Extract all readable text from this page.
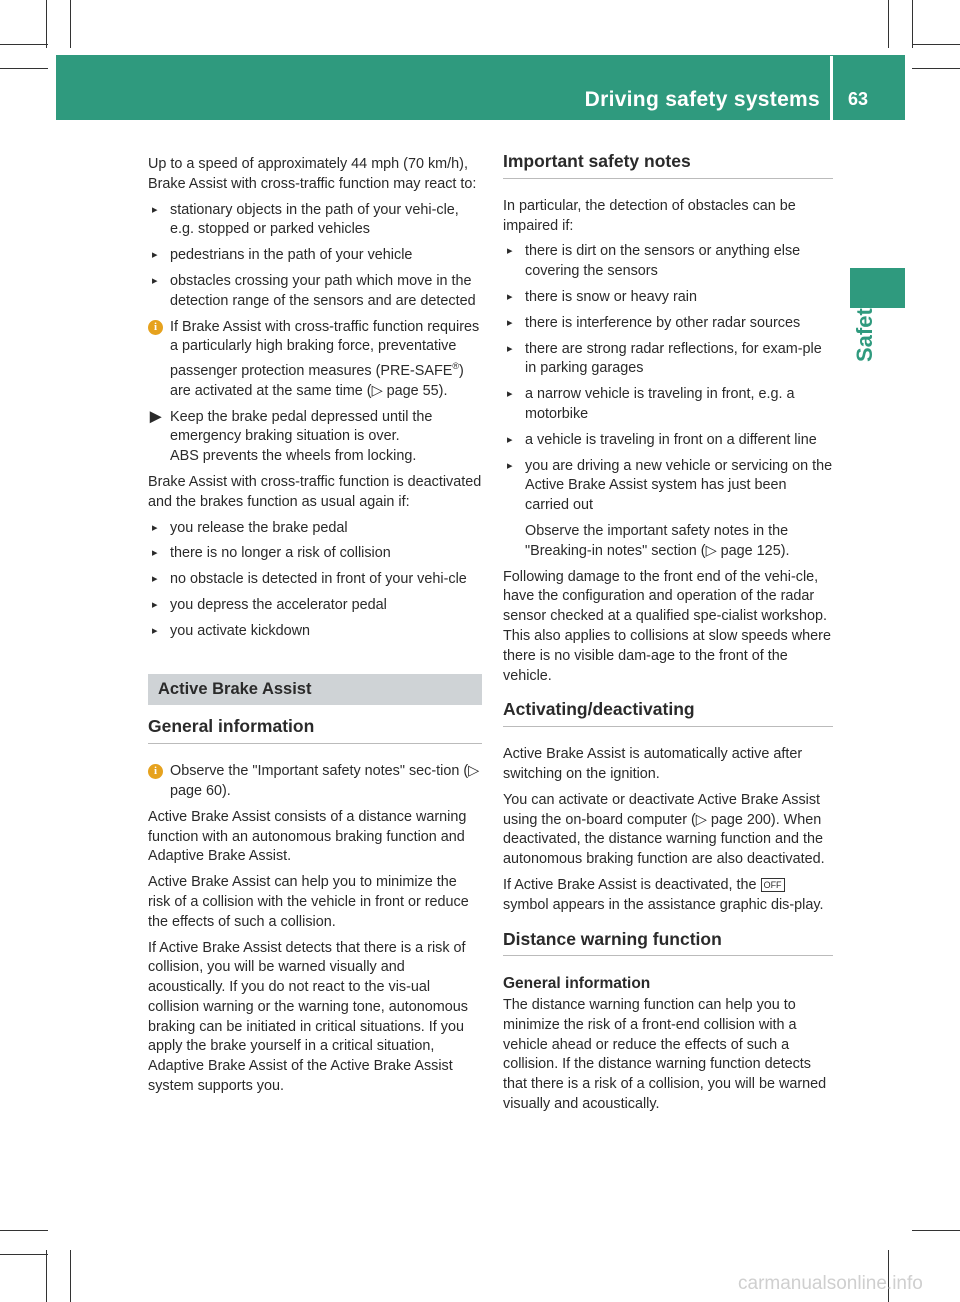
Driving safety systems 63
Safety

Up to a speed of approximately 44 mph (70 km/h), Brake Assist with cross-traffic function may react to:

▸ stationary objects in the path of your vehi-cle, e.g. stopped or parked vehicles
▸ pedestrians in the path of your vehicle
▸ obstacles crossing your path which move in the detection range of the sensors and are detected
i If Brake Assist with cross-traffic function requires a particularly high braking force, preventative passenger protection measures (PRE-SAFE®) are activated at the same time (▷ page 55).
▶ Keep the brake pedal depressed until the emergency braking situation is over.
ABS prevents the wheels from locking.

Brake Assist with cross-traffic function is deactivated and the brakes function as usual again if:

▸ you release the brake pedal
▸ there is no longer a risk of collision
▸ no obstacle is detected in front of your vehi-cle
▸ you depress the accelerator pedal
▸ you activate kickdown
Active Brake Assist
General information
i Observe the "Important safety notes" sec-tion (▷ page 60).

Active Brake Assist consists of a distance warning function with an autonomous braking function and Adaptive Brake Assist.

Active Brake Assist can help you to minimize the risk of a collision with the vehicle in front or reduce the effects of such a collision.

If Active Brake Assist detects that there is a risk of collision, you will be warned visually and acoustically. If you do not react to the vis-ual collision warning or the warning tone, autonomous braking can be initiated in critical situations. If you apply the brake yourself in a critical situation, Adaptive Brake Assist of the Active Brake Assist system supports you.

Important safety notes

In particular, the detection of obstacles can be impaired if:

▸ there is dirt on the sensors or anything else covering the sensors
▸ there is snow or heavy rain
▸ there is interference by other radar sources
▸ there are strong radar reflections, for exam-ple in parking garages
▸ a narrow vehicle is traveling in front, e.g. a motorbike
▸ a vehicle is traveling in front on a different line
▸ you are driving a new vehicle or servicing on the Active Brake Assist system has just been carried out

Observe the important safety notes in the "Breaking-in notes" section (▷ page 125).

Following damage to the front end of the vehi-cle, have the configuration and operation of the radar sensor checked at a qualified spe-cialist workshop. This also applies to collisions at slow speeds where there is no visible dam-age to the front of the vehicle.

Activating/deactivating

Active Brake Assist is automatically active after switching on the ignition.

You can activate or deactivate Active Brake Assist using the on-board computer (▷ page 200). When deactivated, the distance warning function and the autonomous braking function are also deactivated.

If Active Brake Assist is deactivated, the OFF symbol appears in the assistance graphic dis-play.

Distance warning function
General information

The distance warning function can help you to minimize the risk of a front-end collision with a vehicle ahead or reduce the effects of such a collision. If the distance warning function detects that there is a risk of a collision, you will be warned visually and acoustically.

carmanualsonline.info
